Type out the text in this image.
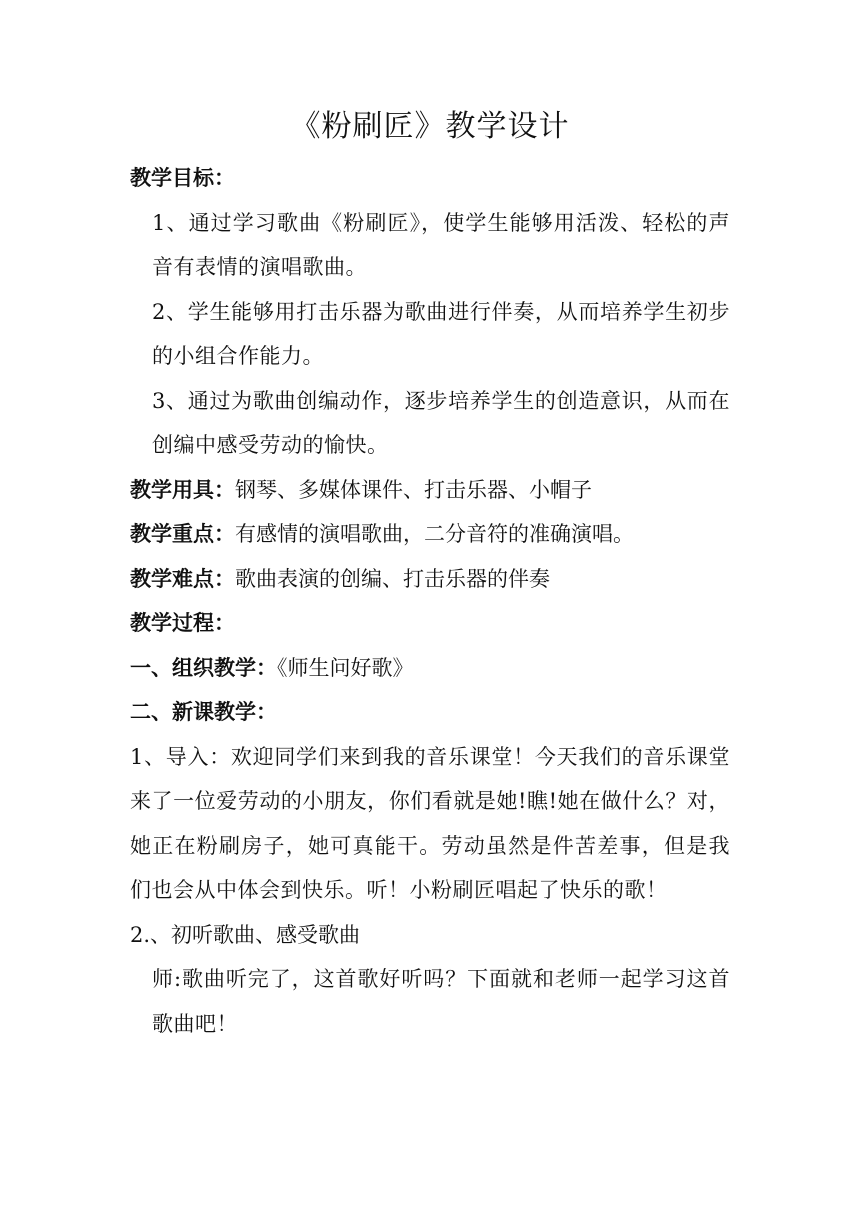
《粉刷匠》教学设计
教学目标：
1、通过学习歌曲《粉刷匠》，使学生能够用活泼、轻松的声音有表情的演唱歌曲。
2、学生能够用打击乐器为歌曲进行伴奏，从而培养学生初步的小组合作能力。
3、通过为歌曲创编动作，逐步培养学生的创造意识，从而在创编中感受劳动的愉快。
教学用具：钢琴、多媒体课件、打击乐器、小帽子
教学重点：有感情的演唱歌曲，二分音符的准确演唱。
教学难点：歌曲表演的创编、打击乐器的伴奏
教学过程：
一、组织教学：《师生问好歌》
二、新课教学：
1、导入：欢迎同学们来到我的音乐课堂！今天我们的音乐课堂来了一位爱劳动的小朋友，你们看就是她!瞧!她在做什么？对，她正在粉刷房子，她可真能干。劳动虽然是件苦差事，但是我们也会从中体会到快乐。听！小粉刷匠唱起了快乐的歌！
2.、初听歌曲、感受歌曲
师:歌曲听完了，这首歌好听吗？下面就和老师一起学习这首歌曲吧！
